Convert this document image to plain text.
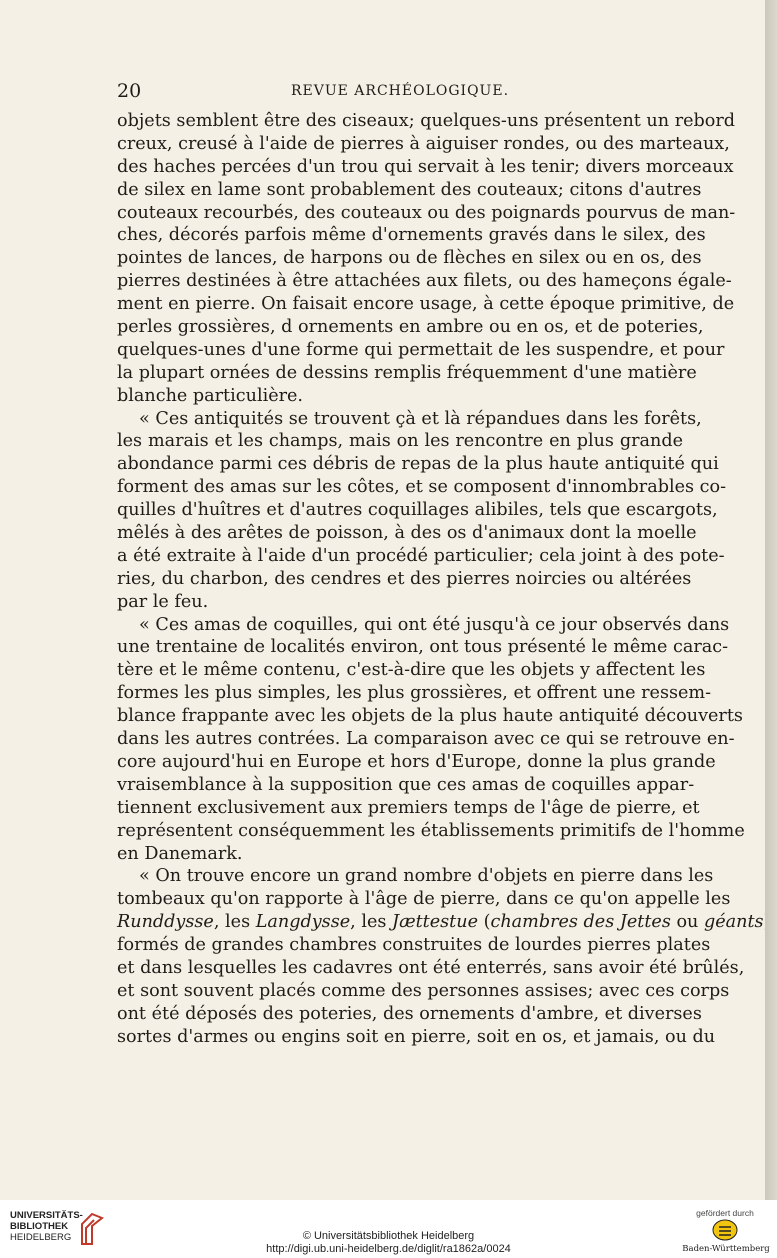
20	REVUE ARCHÉOLOGIQUE.
objets semblent être des ciseaux; quelques-uns présentent un rebord
creux, creusé à l'aide de pierres à aiguiser rondes, ou des marteaux,
des haches percées d'un trou qui servait à les tenir; divers morceaux
de silex en lame sont probablement des couteaux; citons d'autres
couteaux recourbés, des couteaux ou des poignards pourvus de man-
ches, décorés parfois même d'ornements gravés dans le silex, des
pointes de lances, de harpons ou de flèches en silex ou en os, des
pierres destinées à être attachées aux filets, ou des hameçons égale-
ment en pierre. On faisait encore usage, à cette époque primitive, de
perles grossières, d ornements en ambre ou en os, et de poteries,
quelques-unes d'une forme qui permettait de les suspendre, et pour
la plupart ornées de dessins remplis fréquemment d'une matière
blanche particulière.
« Ces antiquités se trouvent çà et là répandues dans les forêts,
les marais et les champs, mais on les rencontre en plus grande
abondance parmi ces débris de repas de la plus haute antiquité qui
forment des amas sur les côtes, et se composent d'innombrables co-
quilles d'huîtres et d'autres coquillages alibiles, tels que escargots,
mêlés à des arêtes de poisson, à des os d'animaux dont la moelle
a été extraite à l'aide d'un procédé particulier; cela joint à des pote-
ries, du charbon, des cendres et des pierres noircies ou altérées
par le feu.
« Ces amas de coquilles, qui ont été jusqu'à ce jour observés dans
une trentaine de localités environ, ont tous présenté le même carac-
tère et le même contenu, c'est-à-dire que les objets y affectent les
formes les plus simples, les plus grossières, et offrent une ressem-
blance frappante avec les objets de la plus haute antiquité découverts
dans les autres contrées. La comparaison avec ce qui se retrouve en-
core aujourd'hui en Europe et hors d'Europe, donne la plus grande
vraisemblance à la supposition que ces amas de coquilles appar-
tiennent exclusivement aux premiers temps de l'âge de pierre, et
représentent conséquemment les établissements primitifs de l'homme
en Danemark.
« On trouve encore un grand nombre d'objets en pierre dans les
tombeaux qu'on rapporte à l'âge de pierre, dans ce qu'on appelle les
Runddysse, les Langdysse, les Jættestue (chambres des Jettes ou géants
formés de grandes chambres construites de lourdes pierres plates
et dans lesquelles les cadavres ont été enterrés, sans avoir été brûlés,
et sont souvent placés comme des personnes assises; avec ces corps
ont été déposés des poteries, des ornements d'ambre, et diverses
sortes d'armes ou engins soit en pierre, soit en os, et jamais, ou du
UNIVERSITÄTS-
BIBLIOTHEK
HEIDELBERG	© Universitätsbibliothek Heidelberg
http://digi.ub.uni-heidelberg.de/diglit/ra1862a/0024
gefördert durch
Baden-Württemberg
